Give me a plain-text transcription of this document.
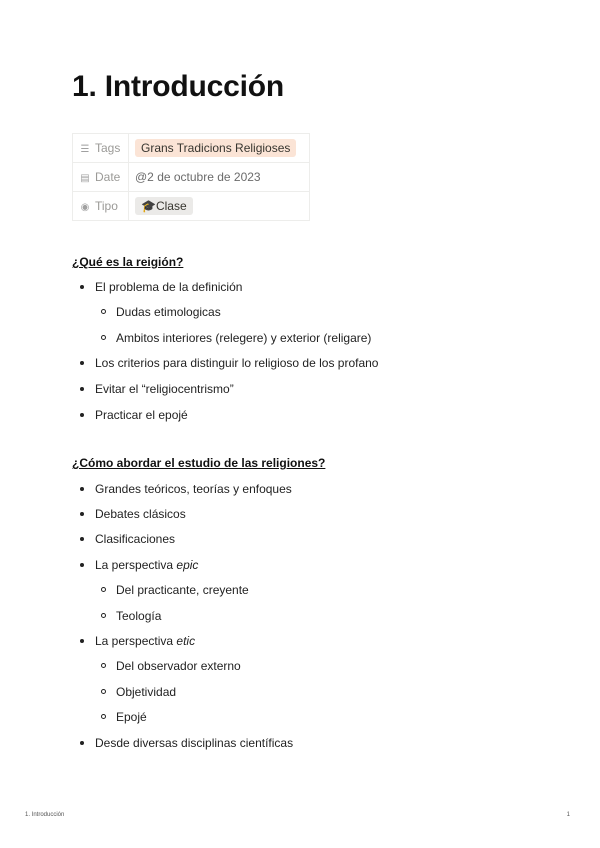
1. Introducción
☰ Tags	Grans Tradicions Religioses
▤ Date	@2 de octubre de 2023
◉ Tipo	🎓Clase
¿Qué es la reigión?
El problema de la definición
Dudas etimologicas
Ambitos interiores (relegere) y exterior (religare)
Los criterios para distinguir lo religioso de los profano
Evitar el “religiocentrismo”
Practicar el epojé
¿Cómo abordar el estudio de las religiones?
Grandes teóricos, teorías y enfoques
Debates clásicos
Clasificaciones
La perspectiva epic
Del practicante, creyente
Teología
La perspectiva etic
Del observador externo
Objetividad
Epojé
Desde diversas disciplinas científicas
1. Introducción	1
